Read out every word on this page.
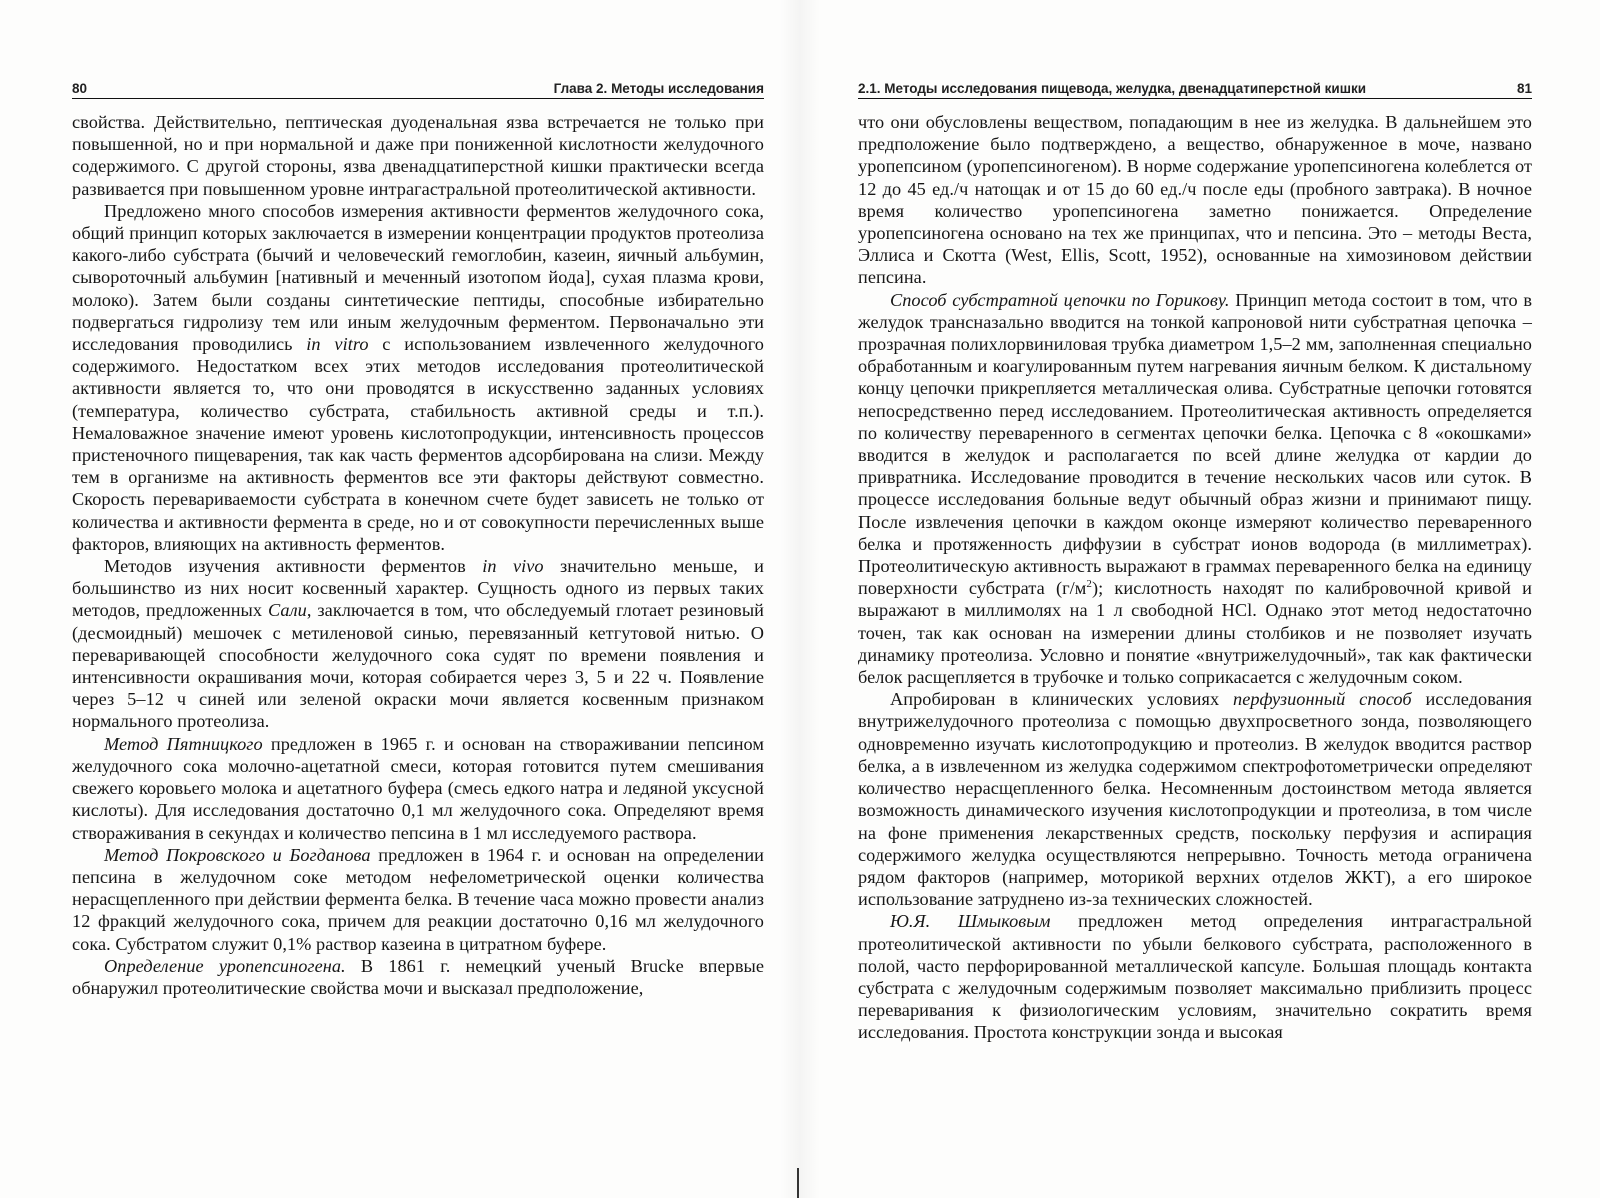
80	Глава 2. Методы исследования

свойства. Действительно, пептическая дуоденальная язва встречается не только при повышенной, но и при нормальной и даже при пониженной кислотности желудочного содержимого. С другой стороны, язва двенадцатиперстной кишки практически всегда развивается при повышенном уровне интрагастральной протеолитической активности.

Предложено много способов измерения активности ферментов желудочного сока, общий принцип которых заключается в измерении концентрации продуктов протеолиза какого-либо субстрата (бычий и человеческий гемоглобин, казеин, яичный альбумин, сывороточный альбумин [нативный и меченный изотопом йода], сухая плазма крови, молоко). Затем были созданы синтетические пептиды, способные избирательно подвергаться гидролизу тем или иным желудочным ферментом. Первоначально эти исследования проводились in vitro с использованием извлеченного желудочного содержимого. Недостатком всех этих методов исследования протеолитической активности является то, что они проводятся в искусственно заданных условиях (температура, количество субстрата, стабильность активной среды и т.п.). Немаловажное значение имеют уровень кислотопродукции, интенсивность процессов пристеночного пищеварения, так как часть ферментов адсорбирована на слизи. Между тем в организме на активность ферментов все эти факторы действуют совместно. Скорость перевариваемости субстрата в конечном счете будет зависеть не только от количества и активности фермента в среде, но и от совокупности перечисленных выше факторов, влияющих на активность ферментов.

Методов изучения активности ферментов in vivo значительно меньше, и большинство из них носит косвенный характер. Сущность одного из первых таких методов, предложенных Сали, заключается в том, что обследуемый глотает резиновый (десмоидный) мешочек с метиленовой синью, перевязанный кетгутовой нитью. О переваривающей способности желудочного сока судят по времени появления и интенсивности окрашивания мочи, которая собирается через 3, 5 и 22 ч. Появление через 5–12 ч синей или зеленой окраски мочи является косвенным признаком нормального протеолиза.

Метод Пятницкого предложен в 1965 г. и основан на створаживании пепсином желудочного сока молочно-ацетатной смеси, которая готовится путем смешивания свежего коровьего молока и ацетатного буфера (смесь едкого натра и ледяной уксусной кислоты). Для исследования достаточно 0,1 мл желудочного сока. Определяют время створаживания в секундах и количество пепсина в 1 мл исследуемого раствора.

Метод Покровского и Богданова предложен в 1964 г. и основан на определении пепсина в желудочном соке методом нефелометрической оценки количества нерасщепленного при действии фермента белка. В течение часа можно провести анализ 12 фракций желудочного сока, причем для реакции достаточно 0,16 мл желудочного сока. Субстратом служит 0,1% раствор казеина в цитратном буфере.

Определение уропепсиногена. В 1861 г. немецкий ученый Brucke впервые обнаружил протеолитические свойства мочи и высказал предположение,

2.1. Методы исследования пищевода, желудка, двенадцатиперстной кишки	81

что они обусловлены веществом, попадающим в нее из желудка. В дальнейшем это предположение было подтверждено, а вещество, обнаруженное в моче, названо уропепсином (уропепсиногеном). В норме содержание уропепсиногена колеблется от 12 до 45 ед./ч натощак и от 15 до 60 ед./ч после еды (пробного завтрака). В ночное время количество уропепсиногена заметно понижается. Определение уропепсиногена основано на тех же принципах, что и пепсина. Это – методы Веста, Эллиса и Скотта (West, Ellis, Scott, 1952), основанные на химозиновом действии пепсина.

Способ субстратной цепочки по Горикову. Принцип метода состоит в том, что в желудок трансназально вводится на тонкой капроновой нити субстратная цепочка – прозрачная полихлорвиниловая трубка диаметром 1,5–2 мм, заполненная специально обработанным и коагулированным путем нагревания яичным белком. К дистальному концу цепочки прикрепляется металлическая олива. Субстратные цепочки готовятся непосредственно перед исследованием. Протеолитическая активность определяется по количеству переваренного в сегментах цепочки белка. Цепочка с 8 «окошками» вводится в желудок и располагается по всей длине желудка от кардии до привратника. Исследование проводится в течение нескольких часов или суток. В процессе исследования больные ведут обычный образ жизни и принимают пищу. После извлечения цепочки в каждом оконце измеряют количество переваренного белка и протяженность диффузии в субстрат ионов водорода (в миллиметрах). Протеолитическую активность выражают в граммах переваренного белка на единицу поверхности субстрата $(г/м^2)$; кислотность находят по калибровочной кривой и выражают в миллимолях на 1 л свободной HCl. Однако этот метод недостаточно точен, так как основан на измерении длины столбиков и не позволяет изучать динамику протеолиза. Условно и понятие «внутрижелудочный», так как фактически белок расщепляется в трубочке и только соприкасается с желудочным соком.

Апробирован в клинических условиях перфузионный способ исследования внутрижелудочного протеолиза с помощью двухпросветного зонда, позволяющего одновременно изучать кислотопродукцию и протеолиз. В желудок вводится раствор белка, а в извлеченном из желудка содержимом спектрофотометрически определяют количество нерасщепленного белка. Несомненным достоинством метода является возможность динамического изучения кислотопродукции и протеолиза, в том числе на фоне применения лекарственных средств, поскольку перфузия и аспирация содержимого желудка осуществляются непрерывно. Точность метода ограничена рядом факторов (например, моторикой верхних отделов ЖКТ), а его широкое использование затруднено из-за технических сложностей.

Ю.Я. Шмыковым предложен метод определения интрагастральной протеолитической активности по убыли белкового субстрата, расположенного в полой, часто перфорированной металлической капсуле. Большая площадь контакта субстрата с желудочным содержимым позволяет максимально приблизить процесс переваривания к физиологическим условиям, значительно сократить время исследования. Простота конструкции зонда и высокая
